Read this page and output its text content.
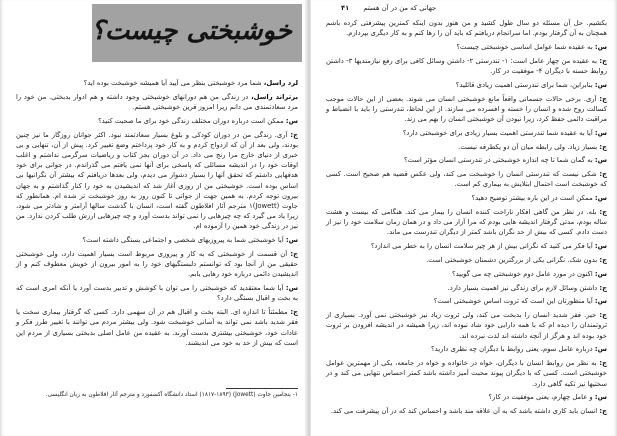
خوشبختی چیست؟

لرد راسل، شما مرد خوشبختی بنظر می آیید آیا همیشه خوشبخت بوده اید؟

برتراند راسل، در زندگی من هم دورانهای خوشبختی وجود داشته و هم ادوار بدبختی. من خود را مرد سعادتمندی می دانم زیرا امروز قرین خوشبختی هستم.

س: ممکن است درباره دوران مختلف زندگی خود برای ما صحبت کنید؟

ج: آری. زندگی من در دوران کودکی و بلوغ بسیار سعادتمند نبود. اکثر جوانان روزگار ما نیز چنین بودند، ولی بعد از آن که ازدواج کردم و به کار خود پرداختم وضع تغییر کرد. پیش از آن، تنهایی و بی خبری از دنیای خارج مرا رنج می داد. در آن دوران بجز کتاب و ریاضیات سرگرمی نداشتم و اغلب اوقات خود را در اندیشه مسائلی که پاسخی برای آنها نمی یافتم می گذراندم. در جوانی برای خود هدفهایی داشتم که تحقق آنها را بسیار دشوار می دیدم، ولی بعدها دریافتم که بیشتر آن نگرانیها بی اساس بوده است. خوشبختی من از روزی آغاز شد که اندیشیدن به خود را کنار گذاشتم و به جهان بیرون توجه کردم. به همین جهت از جوانی تا کنون روز به روز خوشبخت تر شده ام. همانطور که جاوت (Jowett)۱ مترجم آثار افلاطون گفته است، انسان با گذشت سالها آرامتر و شادتر می شود، زیرا یاد می گیرد که چه چیزهایی را نمی تواند بدست آورد و چه چیزهایی ارزش طلب کردن ندارد. من نیز در زندگی خود همین را آزموده ام.

س: آیا خوشبختی شما به پیروزیهای شخصی و اجتماعی بستگی داشته است؟

ج: آن قسمت از خوشبختی که به کار و پیروزی مربوط است بسیار اهمیت دارد، ولی خوشبختی حقیقی من از آنجا بود که توانستم دلبستگیهای خود را به امور بیرون از خویش معطوف کنم و از اندیشیدن دائمی درباره خود رهایی یابم.

س: آیا شما معتقدید که خوشبختی را می توان با کوشش و تدبیر بدست آورد یا آنکه امری است که به بخت و اقبال بستگی دارد؟

ج: مطمئناً تا اندازه ای. البته بخت و اقبال هم در آن سهمی دارد. کسی که گرفتار بیماری سخت یا فقر شدید باشد نمی تواند به آسانی خوشبخت شود. ولی بیشتر مردم می توانند با تغییر طرز فکر و عادات خود، خوشبختی بیشتری بدست آورند. به عقیده من عامل اصلی بدبختی بسیاری از مردم این است که بیش از حد به خود می اندیشند.

۱- بنجامین جاوت (Jowett) (۱۸۱۷-۱۸۹۳) استاد دانشگاه آکسفورد و مترجم آثار افلاطون به زبان انگلیسی.

۴۱ جهانی که من در آن هستم

بکشیم. حل آن مسئله دو سال طول کشید و من هنوز بدون اینکه کمترین پیشرفتی کرده باشم همچنان به آن گرفتار بودم. اما سرانجام دریافتم که باید آن را رها کنم و به کار دیگری بپردازم.

س: به عقیده شما عوامل اساسی خوشبختی چیست؟

ج: به عقیده من چهار عامل است: ۱- تندرستی ۲- داشتن وسائل کافی برای رفع نیازمندیها ۳- داشتن روابط حسنه با دیگران ۴- موفقیت در کار.

س: بنابراین، شما برای تندرستی اهمیت زیادی قائلید؟

ج: آری. برخی حالات جسمانی واقعاً مانع خوشبختی انسان می شوند. بعضی از این حالات موجب کسالت روح شده و انسان را خسته و افسرده می سازند. از این لحاظ، تندرستی را باید با انضباط و مراقبت دائمی حفظ کرد، زیرا نبودن آن خوشبختی انسان را بهم می زند.

س: آیا به عقیده شما تندرستی اهمیت بسیار زیادی برای خوشبختی دارد؟

ج: بسیار زیاد. ولی رابطه میان آن دو یکطرفه نیست.

س: به گمان شما تا چه اندازه خوشبختی در تندرستی انسان مؤثر است؟

ج: شکی نیست که تندرستی انسان را خوشبخت می کند، ولی عکس قضیه هم صحیح است. کسی که خوشبخت است احتمال ابتلایش به بیماری کم است.

س: ممکن است در این باره بیشتر توضیح دهید؟

ج: بله. در نظر من گاهی افکار ناراحت کننده انسان را بیمار می کند. هنگامی که بیست و هشت ساله بودم، مدتی گرفتار اندیشه هایی بودم که مرا آزار می داد و در همان زمان سلامت خود را نیز از دست دادم. کسی که بیش از حد نگران باشد کمتر از دیگران تندرست می ماند.

س: آیا فکر می کنید که نگرانی بیش از هر چیز سلامت انسان را به خطر می اندازد؟

ج: بدون شک. نگرانی یکی از بزرگترین دشمنان خوشبختی است.

س: اکنون در مورد عامل دوم خوشبختی چه می گویید؟

ج: داشتن وسائل لازم برای زندگی نیز اهمیت بسیار دارد.

س: آیا منظورتان این است که ثروت اساس خوشبختی است؟

ج: خیر. فقر شدید انسان را بدبخت می کند، ولی ثروت زیاد نیز خوشبختی نمی آورد. بسیاری از ثروتمندان را دیده ام که با همه دارایی خود شاد نبوده اند، زیرا همیشه در اندیشه افزودن بر ثروت خود بوده اند و هرگز از آنچه داشته اند لذت نبرده اند.

س: درباره عامل سوم، یعنی روابط با دیگران چه نظری دارید؟

ج: به نظر من روابط انسان با دیگران، خواه در خانواده و خواه در جامعه، یکی از مهمترین عوامل خوشبختی است. کسی که با دیگران پیوند محبت آمیز داشته باشد کمتر احساس تنهایی می کند و در سختیها نیز تکیه گاهی دارد.

س: و عامل چهارم، یعنی موفقیت در کار؟

ج: انسان باید کاری داشته باشد که به آن علاقه مند باشد و احساس کند که در آن پیشرفت می کند.
